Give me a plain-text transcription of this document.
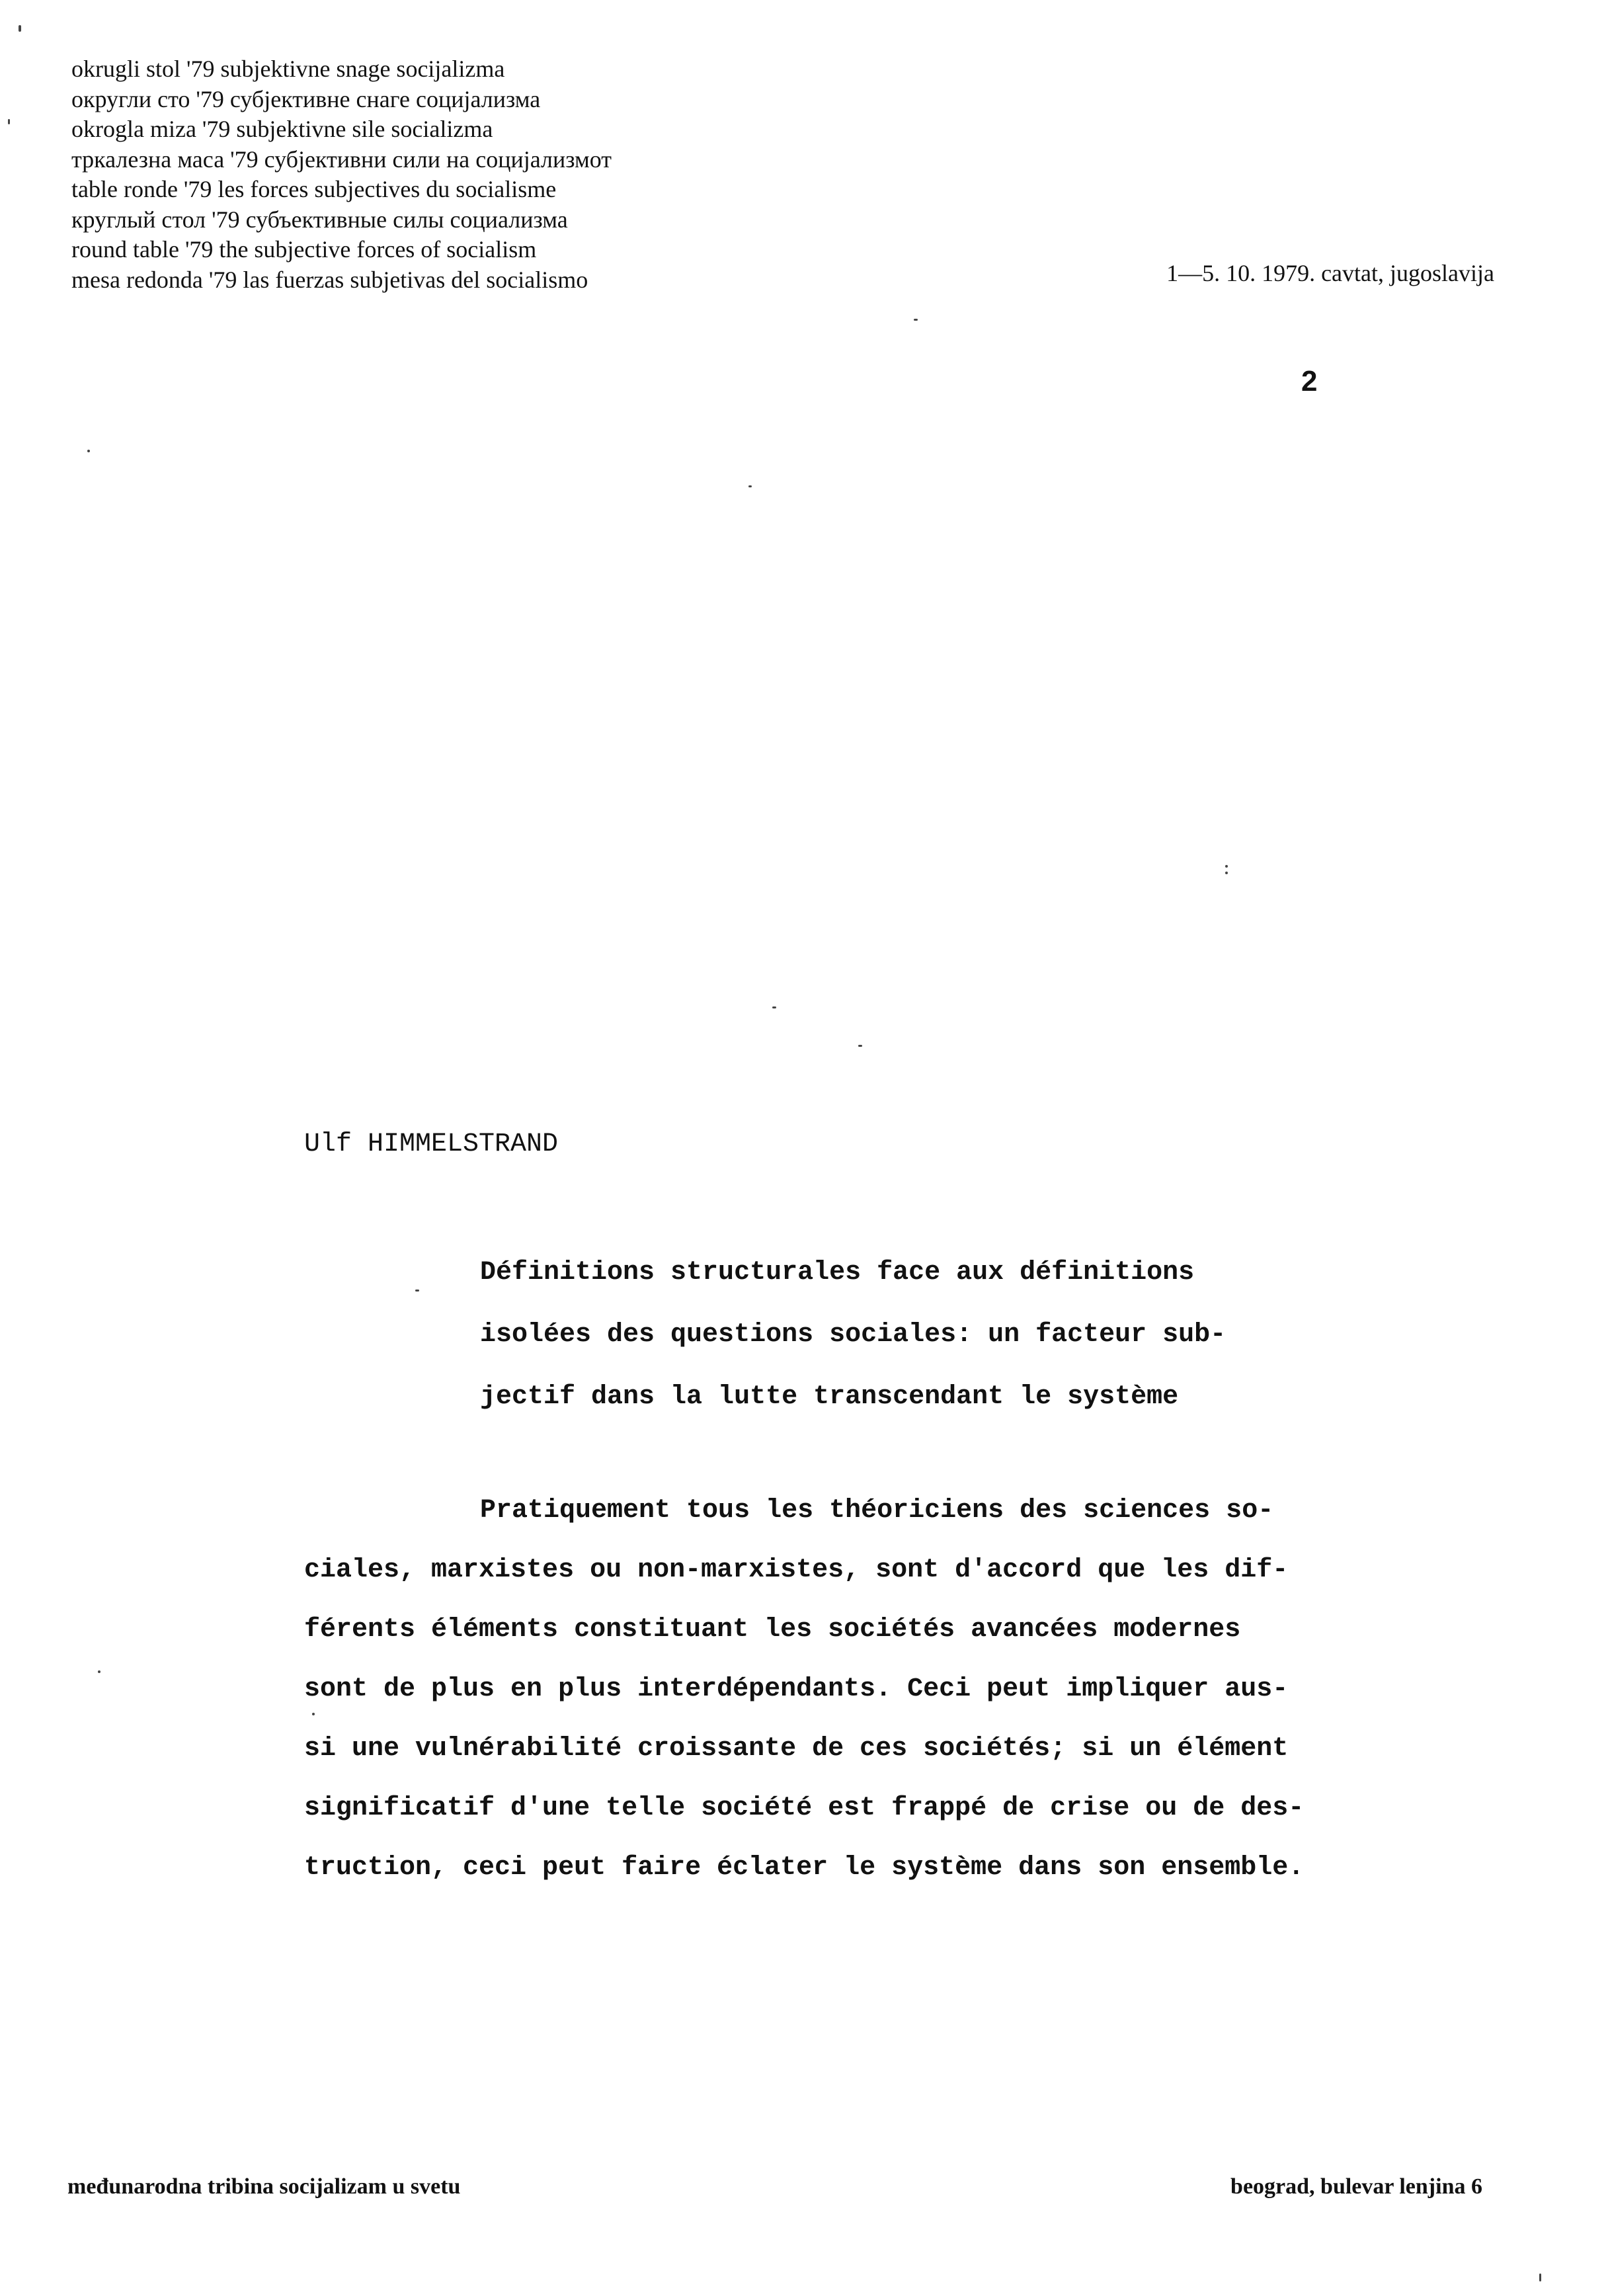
okrugli stol '79 subjektivne snage socijalizma
округли сто '79 субјективне снаге социјализма
okrogla miza '79 subjektivne sile socializma
тркалезна маса '79 субјективни сили на социјализмот
table ronde '79 les forces subjectives du socialisme
круглый стол '79 субъективные силы социализма
round table '79 the subjective forces of socialism
mesa redonda '79 las fuerzas subjetivas del socialismo	1—5. 10. 1979. cavtat, jugoslavija
2
Ulf HIMMELSTRAND
Définitions structurales face aux définitions
isolées des questions sociales: un facteur sub-
jectif dans la lutte transcendant le système
Pratiquement tous les théoriciens des sciences so-
ciales, marxistes ou non-marxistes, sont d'accord que les dif-
férents éléments constituant les sociétés avancées modernes
sont de plus en plus interdépendants. Ceci peut impliquer aus-
si une vulnérabilité croissante de ces sociétés; si un élément
significatif d'une telle société est frappé de crise ou de des-
truction, ceci peut faire éclater le système dans son ensemble.
međunarodna tribina socijalizam u svetu	beograd, bulevar lenjina 6
